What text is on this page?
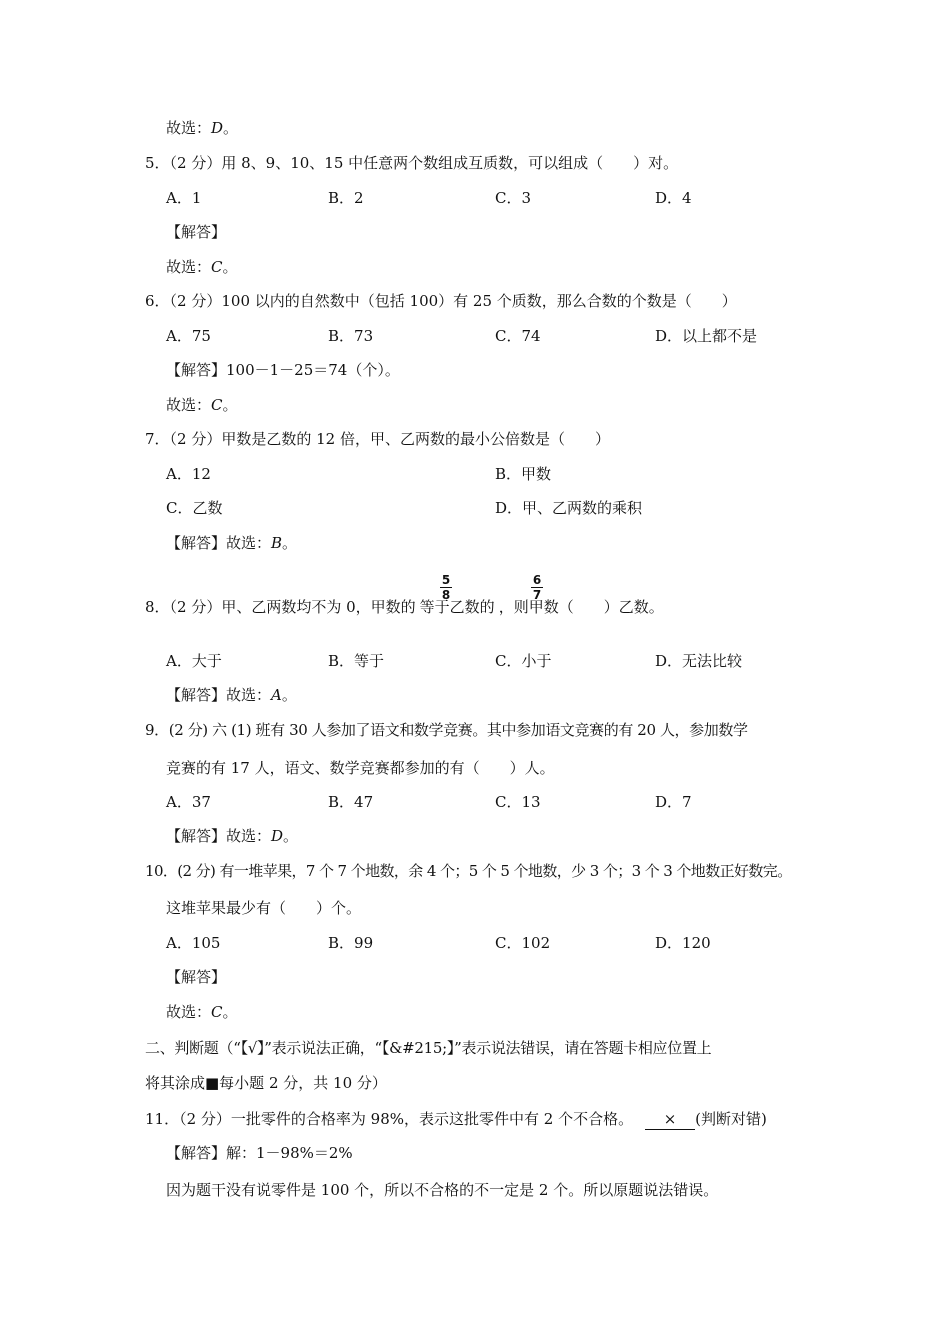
故选：D。
5．（2 分）用 8、9、10、15 中任意两个数组成互质数，可以组成（　　）对。
A．1	B．2	C．3	D．4
【解答】
故选：C。
6．（2 分）100 以内的自然数中（包括 100）有 25 个质数，那么合数的个数是（　　）
A．75	B．73	C．74	D．以上都不是
【解答】100－1－25＝74（个）。
故选：C。
7．（2 分）甲数是乙数的 12 倍，甲、乙两数的最小公倍数是（　　）
A．12	B．甲数
C．乙数	D．甲、乙两数的乘积
【解答】故选：B。
8．（2 分）甲、乙两数均不为 0，甲数的 等于乙数的 ，则甲数（　　）乙数。
5
8
6
7
A．大于	B．等于	C．小于	D．无法比较
【解答】故选：A。
9．(2 分) 六 (1) 班有 30 人参加了语文和数学竞赛。其中参加语文竞赛的有 20 人，参加数学
竞赛的有 17 人，语文、数学竞赛都参加的有（　　）人。
A．37	B．47	C．13	D．7
【解答】故选：D。
10．(2 分) 有一堆苹果，7 个 7 个地数，余 4 个；5 个 5 个地数，少 3 个；3 个 3 个地数正好数完。
这堆苹果最少有（　　）个。
A．105	B．99	C．102	D．120
【解答】
故选：C。
二、判断题（“【√】”表示说法正确，“【&#215;】”表示说法错误，请在答题卡相应位置上
将其涂成■每小题 2 分，共 10 分）
11．（2 分）一批零件的合格率为 98%，表示这批零件中有 2 个不合格。 × (判断对错)
【解答】解：1－98%＝2%
因为题干没有说零件是 100 个，所以不合格的不一定是 2 个。所以原题说法错误。
